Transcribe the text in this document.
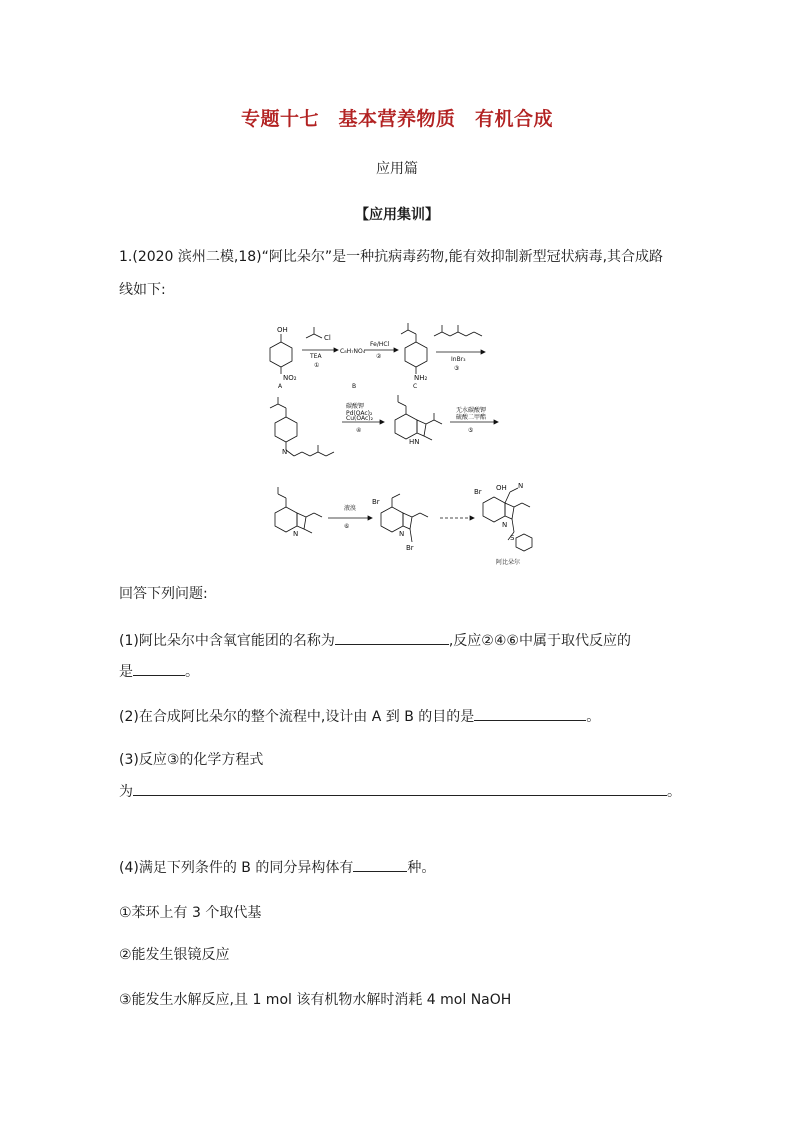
专题十七　基本营养物质　有机合成
应用篇
【应用集训】
1.(2020 滨州二模,18)“阿比朵尔”是一种抗病毒药物,能有效抑制新型冠状病毒,其合成路
线如下:
OH
NO₂
A
Cl
TEA
①
C₈H₇NO₄
B
Fe/HCl
②
NH₂
C
InBr₃
③
碳酸钾
Pd(OAc)₂
Cu(OAc)₂
④
N
HN
无水碳酸钾
硫酸二甲酯
⑤
N
液溴
⑥
Br
N
Br
Br OH N
N
S
阿比朵尔
回答下列问题:
(1)阿比朵尔中含氧官能团的名称为	,反应②④⑥中属于取代反应的
是	。
(2)在合成阿比朵尔的整个流程中,设计由 A 到 B 的目的是	。
(3)反应③的化学方程式
为	。
(4)满足下列条件的 B 的同分异构体有	种。
①苯环上有 3 个取代基
②能发生银镜反应
③能发生水解反应,且 1 mol 该有机物水解时消耗 4 mol NaOH
